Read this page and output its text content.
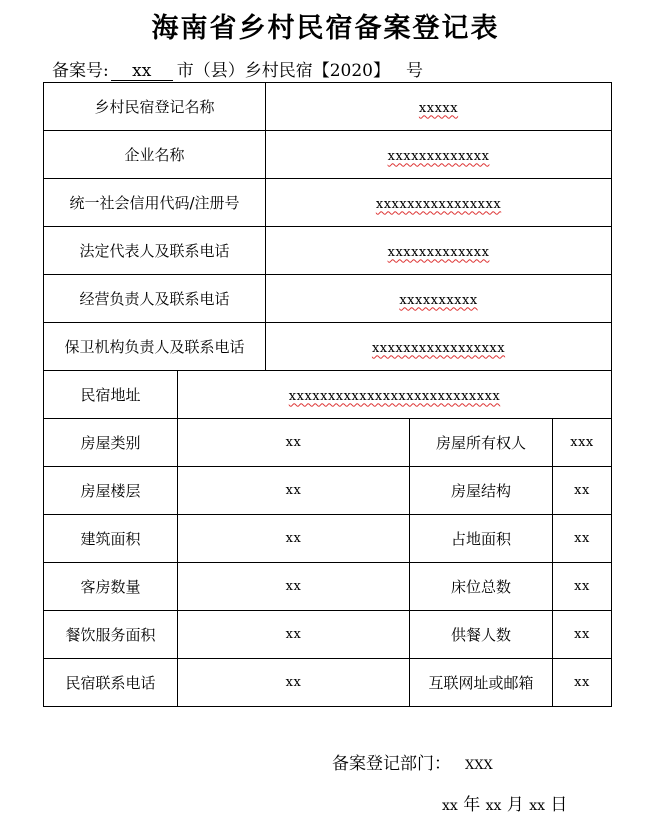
海南省乡村民宿备案登记表
备案号: xx 市（县）乡村民宿【2020】 号
乡村民宿登记名称		xxxxx		
企业名称		xxxxxxxxxxxxx		
统一社会信用代码/注册号		xxxxxxxxxxxxxxxx		
法定代表人及联系电话		xxxxxxxxxxxxx		
经营负责人及联系电话		xxxxxxxxxx		
保卫机构负责人及联系电话		xxxxxxxxxxxxxxxxx		
民宿地址	xxxxxxxxxxxxxxxxxxxxxxxxxxx			
房屋类别	xx		房屋所有权人	xxx
房屋楼层	xx		房屋结构	xx
建筑面积	xx		占地面积	xx
客房数量	xx		床位总数	xx
餐饮服务面积	xx		供餐人数	xx
民宿联系电话	xx		互联网址或邮箱	xx
备案登记部门： XXX
xx 年 xx 月 xx 日
